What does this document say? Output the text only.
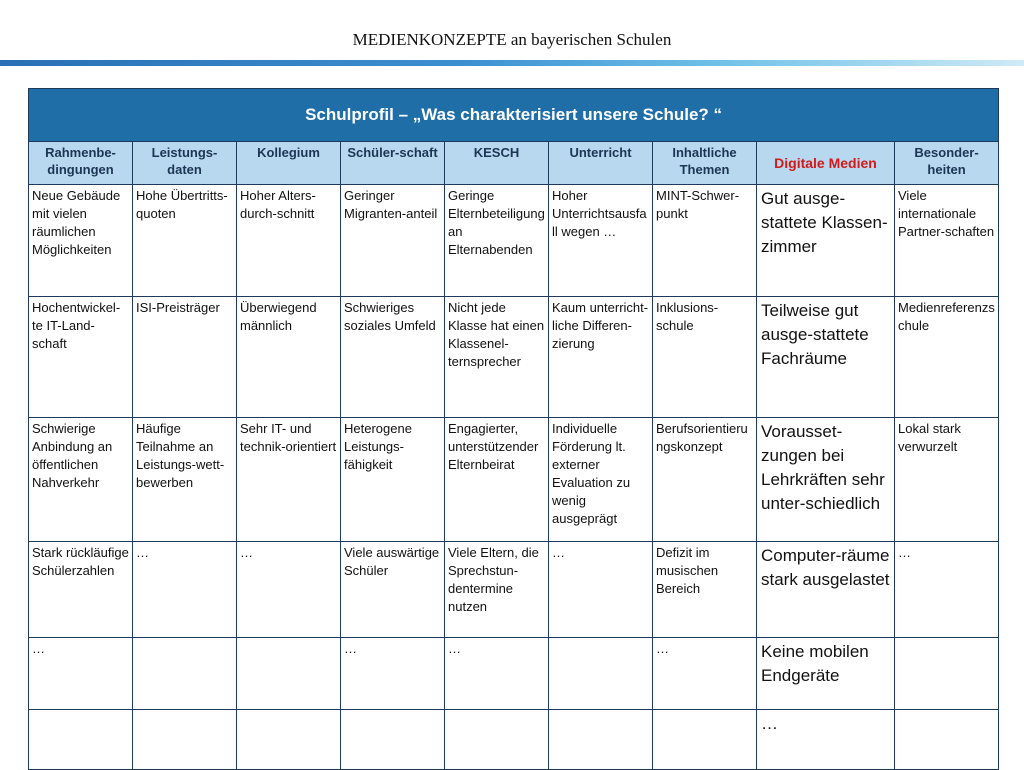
MEDIENKONZEPTE an bayerischen Schulen
Schulprofil – „Was charakterisiert unsere Schule? “								
Rahmenbe-dingungen	Leistungs-daten	Kollegium	Schüler-schaft	KESCH	Unterricht	Inhaltliche Themen	Digitale Medien	Besonder-heiten
Neue Gebäude mit vielen räumlichen Möglichkeiten	Hohe Übertritts-quoten	Hoher Alters-durch-schnitt	Geringer Migranten-anteil	Geringe Elternbeteiligung an Elternabenden	Hoher Unterrichtsausfall wegen …	MINT-Schwer-punkt	Gut ausge-stattete Klassen-zimmer	Viele internationale Partner-schaften
Hochentwickel-te IT-Land-schaft	ISI-Preisträger	Überwiegend männlich	Schwieriges soziales Umfeld	Nicht jede Klasse hat einen Klassenel-ternsprecher	Kaum unterricht-liche Differen-zierung	Inklusions-schule	Teilweise gut ausge-stattete Fachräume	Medienreferenzschule
Schwierige Anbindung an öffentlichen Nahverkehr	Häufige Teilnahme an Leistungs-wett-bewerben	Sehr IT- und technik-orientiert	Heterogene Leistungs-fähigkeit	Engagierter, unterstützender Elternbeirat	Individuelle Förderung lt. externer Evaluation zu wenig ausgeprägt	Berufsorientierungskonzept	Vorausset-zungen bei Lehrkräften sehr unter-schiedlich	Lokal stark verwurzelt
Stark rückläufige Schülerzahlen	…	…	Viele auswärtige Schüler	Viele Eltern, die Sprechstun-dentermine nutzen	…	Defizit im musischen Bereich	Computer-räume stark ausgelastet	…
…			…	…		…	Keine mobilen Endgeräte	
							…	
